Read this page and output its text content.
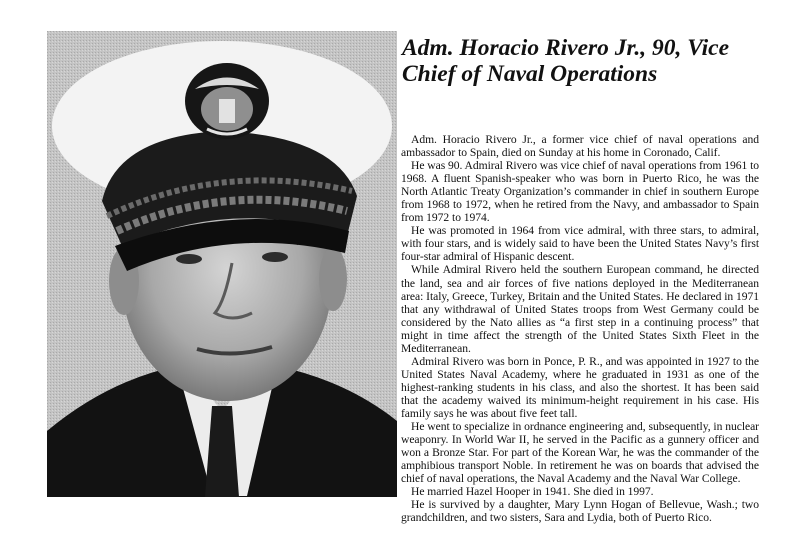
Adm. Horacio Rivero Jr., 90, Vice Chief of Naval Operations

Adm. Horacio Rivero Jr., a former vice chief of naval operations and ambassador to Spain, died on Sunday at his home in Coronado, Calif.

He was 90. Admiral Rivero was vice chief of naval operations from 1961 to 1968. A fluent Spanish-speaker who was born in Puerto Rico, he was the North Atlantic Treaty Organization’s commander in chief in southern Europe from 1968 to 1972, when he retired from the Navy, and ambassador to Spain from 1972 to 1974.

He was promoted in 1964 from vice admiral, with three stars, to admiral, with four stars, and is widely said to have been the United States Navy’s first four-star admiral of Hispanic descent.

While Admiral Rivero held the southern European command, he directed the land, sea and air forces of five nations deployed in the Mediterranean area: Italy, Greece, Turkey, Britain and the United States. He declared in 1971 that any withdrawal of United States troops from West Germany could be considered by the Nato allies as “a first step in a continuing process” that might in time affect the strength of the United States Sixth Fleet in the Mediterranean.

Admiral Rivero was born in Ponce, P. R., and was appointed in 1927 to the United States Naval Academy, where he graduated in 1931 as one of the highest-ranking students in his class, and also the shortest. It has been said that the academy waived its minimum-height requirement in his case. His family says he was about five feet tall.

He went to specialize in ordnance engineering and, subsequently, in nuclear weaponry. In World War II, he served in the Pacific as a gunnery officer and won a Bronze Star. For part of the Korean War, he was the commander of the amphibious transport Noble. In retirement he was on boards that advised the chief of naval operations, the Naval Academy and the Naval War College.

He married Hazel Hooper in 1941. She died in 1997.

He is survived by a daughter, Mary Lynn Hogan of Bellevue, Wash.; two grandchildren, and two sisters, Sara and Lydia, both of Puerto Rico.
